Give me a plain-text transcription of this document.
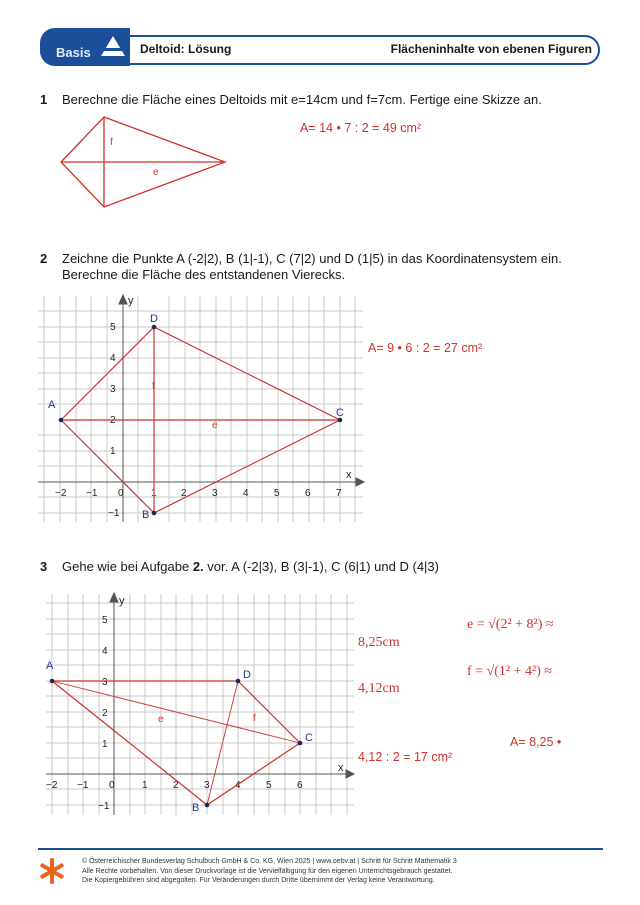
Basis	Deltoid: Lösung	Flächeninhalte von ebenen Figuren
1 Berechne die Fläche eines Deltoids mit e=14cm und f=7cm. Fertige eine Skizze an.
A= 14 • 7 : 2 = 49 cm²
f
e
2 Zeichne die Punkte A (-2|2), B (1|-1), C (7|2) und D (1|5) in das Koordinatensystem ein.
Berechne die Fläche des entstandenen Vierecks.
A= 9 • 6 : 2 = 27 cm²
−2 −1 0	1 2	3	4	5	6	7
5
4
3
2
1
−1
x
y
A
B
C
D
f
e
3 Gehe wie bei Aufgabe 2. vor. A (-2|3), B (3|-1), C (6|1) und D (4|3)
−2 −1 0	1	2	3	4	5	6
5
4
3
2
1
−1
x
y
A
B
C
D
e	f
e = √(2² + 8²) ≈
8,25cm
f = √(1² + 4²) ≈
4,12cm
A= 8,25 •
4,12 : 2 = 17 cm²
© Österreichischer Bundesverlag Schulbuch GmbH & Co. KG, Wien 2025 | www.oebv.at | Schritt für Schritt Mathematik 3
Alle Rechte vorbehalten. Von dieser Druckvorlage ist die Vervielfältigung für den eigenen Unterrichtsgebrauch gestattet.
Die Kopiergebühren sind abgegolten. Für Veränderungen durch Dritte übernimmt der Verlag keine Verantwortung.
